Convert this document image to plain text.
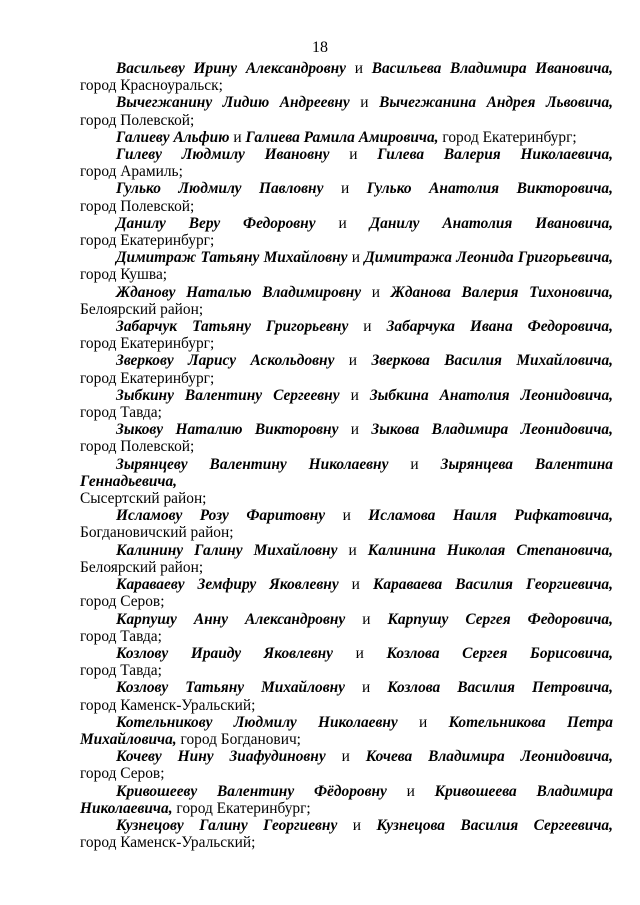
18

Васильеву Ирину Александровну и Васильева Владимира Ивановича,

город Красноуральск;

Вычегжанину Лидию Андреевну и Вычегжанина Андрея Львовича,

город Полевской;

Галиеву Альфию и Галиева Рамила Амировича, город Екатеринбург;

Гилеву Людмилу Ивановну и Гилева Валерия Николаевича,

город Арамиль;

Гулько Людмилу Павловну и Гулько Анатолия Викторовича,

город Полевской;

Данилу Веру Федоровну и Данилу Анатолия Ивановича,

город Екатеринбург;

Димитраж Татьяну Михайловну и Димитража Леонида Григорьевича,

город Кушва;

Жданову Наталью Владимировну и Жданова Валерия Тихоновича,

Белоярский район;

Забарчук Татьяну Григорьевну и Забарчука Ивана Федоровича,

город Екатеринбург;

Зверкову Ларису Аскольдовну и Зверкова Василия Михайловича,

город Екатеринбург;

Зыбкину Валентину Сергеевну и Зыбкина Анатолия Леонидовича,

город Тавда;

Зыкову Наталию Викторовну и Зыкова Владимира Леонидовича,

город Полевской;

Зырянцеву Валентину Николаевну и Зырянцева Валентина Геннадьевича,

Сысертский район;

Исламову Розу Фаритовну и Исламова Наиля Рифкатовича,

Богдановичский район;

Калинину Галину Михайловну и Калинина Николая Степановича,

Белоярский район;

Караваеву Земфиру Яковлевну и Караваева Василия Георгиевича,

город Серов;

Карпушу Анну Александровну и Карпушу Сергея Федоровича,

город Тавда;

Козлову Ираиду Яковлевну и Козлова Сергея Борисовича,

город Тавда;

Козлову Татьяну Михайловну и Козлова Василия Петровича,

город Каменск-Уральский;

Котельникову Людмилу Николаевну и Котельникова Петра

Михайловича, город Богданович;

Кочеву Нину Зиафудиновну и Кочева Владимира Леонидовича,

город Серов;

Кривошееву Валентину Фёдоровну и Кривошеева Владимира

Николаевича, город Екатеринбург;

Кузнецову Галину Георгиевну и Кузнецова Василия Сергеевича,

город Каменск-Уральский;
